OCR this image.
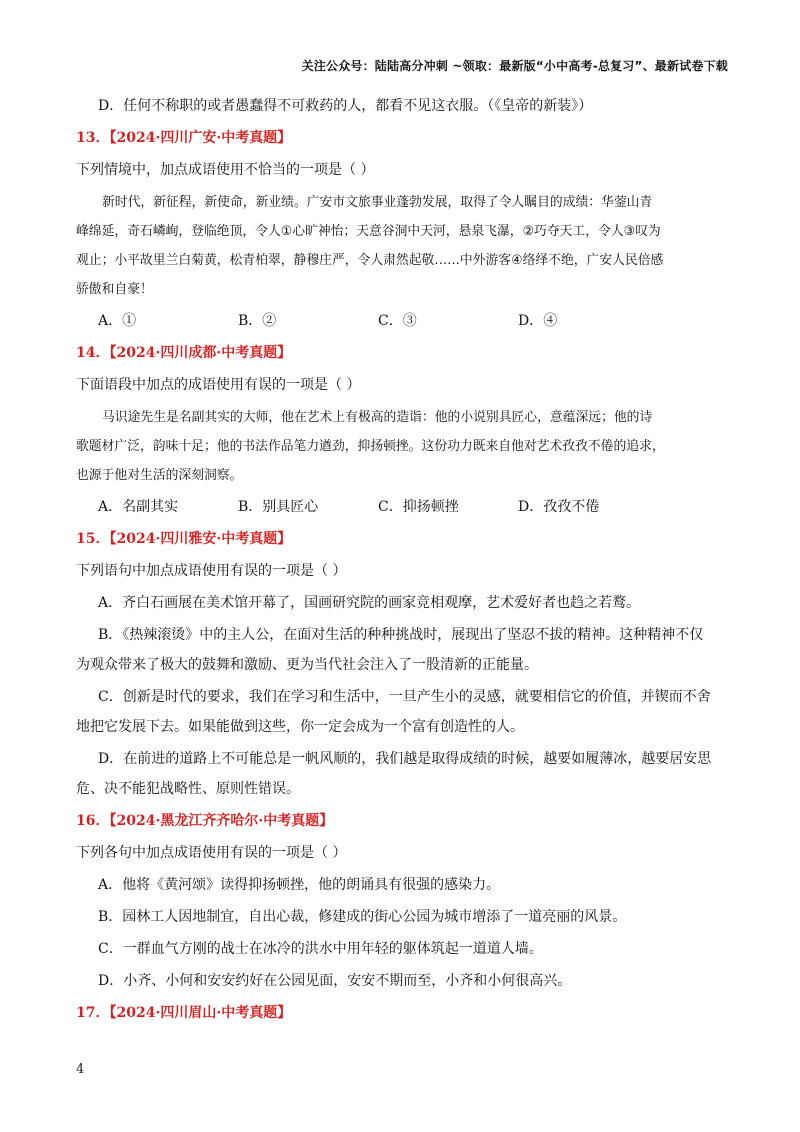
关注公众号：陆陆高分冲刺 ~领取：最新版“小中高考-总复习”、最新试卷下载
D．任何不称职的或者愚蠢得不可救药的人，都看不见这衣服。（《皇帝的新装》）
13．【2024·四川广安·中考真题】
下列情境中，加点成语使用不恰当的一项是（ ）
新时代，新征程，新使命，新业绩。广安市文旅事业蓬勃发展，取得了令人瞩目的成绩：华蓥山青
峰绵延，奇石嶙峋，登临绝顶，令人①心旷神怡；天意谷洞中天河，悬泉飞瀑，②巧夺天工，令人③叹为
观止；小平故里兰白菊黄，松青柏翠，静穆庄严，令人肃然起敬……中外游客④络绎不绝，广安人民倍感
骄傲和自豪！
A．①	B．②	C．③	D．④
14．【2024·四川成都·中考真题】
下面语段中加点的成语使用有误的一项是（ ）
马识途先生是名副其实的大师，他在艺术上有极高的造诣：他的小说别具匠心，意蕴深远；他的诗
歌题材广泛，韵味十足；他的书法作品笔力遒劲，抑扬顿挫。这份功力既来自他对艺术孜孜不倦的追求，
也源于他对生活的深刻洞察。
A．名副其实	B．别具匠心	C．抑扬顿挫	D．孜孜不倦
15．【2024·四川雅安·中考真题】
下列语句中加点成语使用有误的一项是（ ）
A．齐白石画展在美术馆开幕了，国画研究院的画家竞相观摩，艺术爱好者也趋之若鹜。
B．《热辣滚烫》中的主人公，在面对生活的种种挑战时，展现出了坚忍不拔的精神。这种精神不仅
为观众带来了极大的鼓舞和激励、更为当代社会注入了一股清新的正能量。
C．创新是时代的要求，我们在学习和生活中，一旦产生小的灵感，就要相信它的价值，并锲而不舍
地把它发展下去。如果能做到这些，你一定会成为一个富有创造性的人。
D．在前进的道路上不可能总是一帆风顺的，我们越是取得成绩的时候，越要如履薄冰，越要居安思
危、决不能犯战略性、原则性错误。
16．【2024·黑龙江齐齐哈尔·中考真题】
下列各句中加点成语使用有误的一项是（ ）
A．他将《黄河颂》读得抑扬顿挫，他的朗诵具有很强的感染力。
B．园林工人因地制宜，自出心裁，修建成的街心公园为城市增添了一道亮丽的风景。
C．一群血气方刚的战士在冰冷的洪水中用年轻的躯体筑起一道道人墙。
D．小齐、小何和安安约好在公园见面，安安不期而至，小齐和小何很高兴。
17．【2024·四川眉山·中考真题】
4
